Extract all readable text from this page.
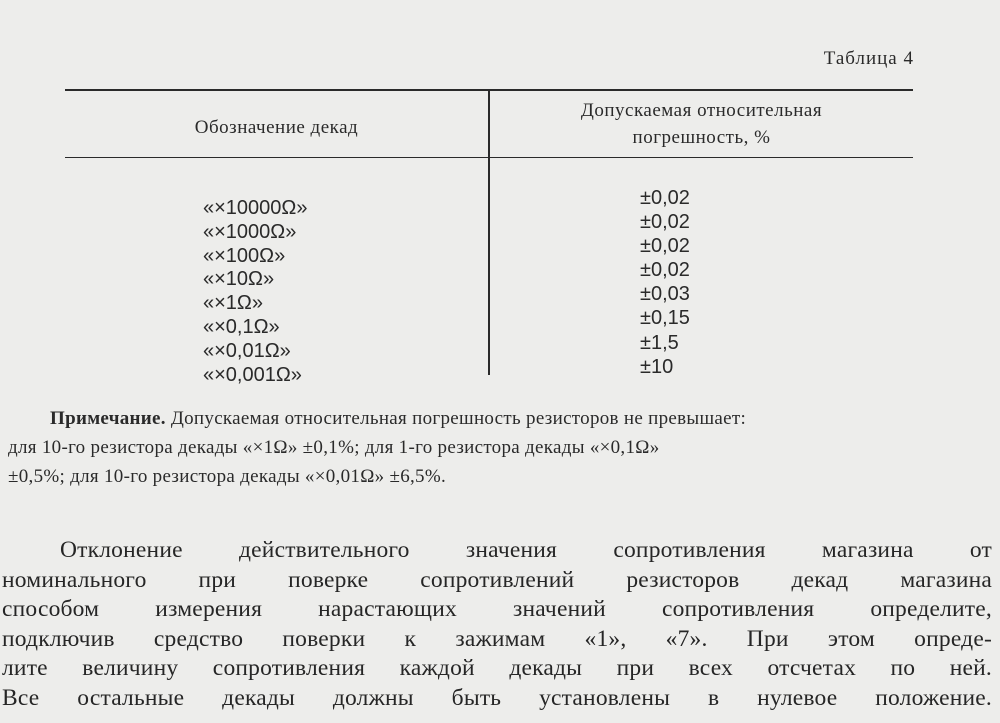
Таблица 4
Обозначение декад
Допускаемая относительная
погрешность, %
«×10000Ω»
«×1000Ω»
«×100Ω»
«×10Ω»
«×1Ω»
«×0,1Ω»
«×0,01Ω»
«×0,001Ω»
±0,02
±0,02
±0,02
±0,02
±0,03
±0,15
±1,5
±10
Примечание. Допускаемая относительная погрешность резисторов не превышает:
для 10-го резистора декады «×1Ω» ±0,1%; для 1-го резистора декады «×0,1Ω»
±0,5%; для 10-го резистора декады «×0,01Ω» ±6,5%.
Отклонение действительного значения сопротивления магазина от
номинального при поверке сопротивлений резисторов декад магазина
способом измерения нарастающих значений сопротивления определите,
подключив средство поверки к зажимам «1», «7». При этом опреде-
лите величину сопротивления каждой декады при всех отсчетах по ней.
Все остальные декады должны быть установлены в нулевое положение.
